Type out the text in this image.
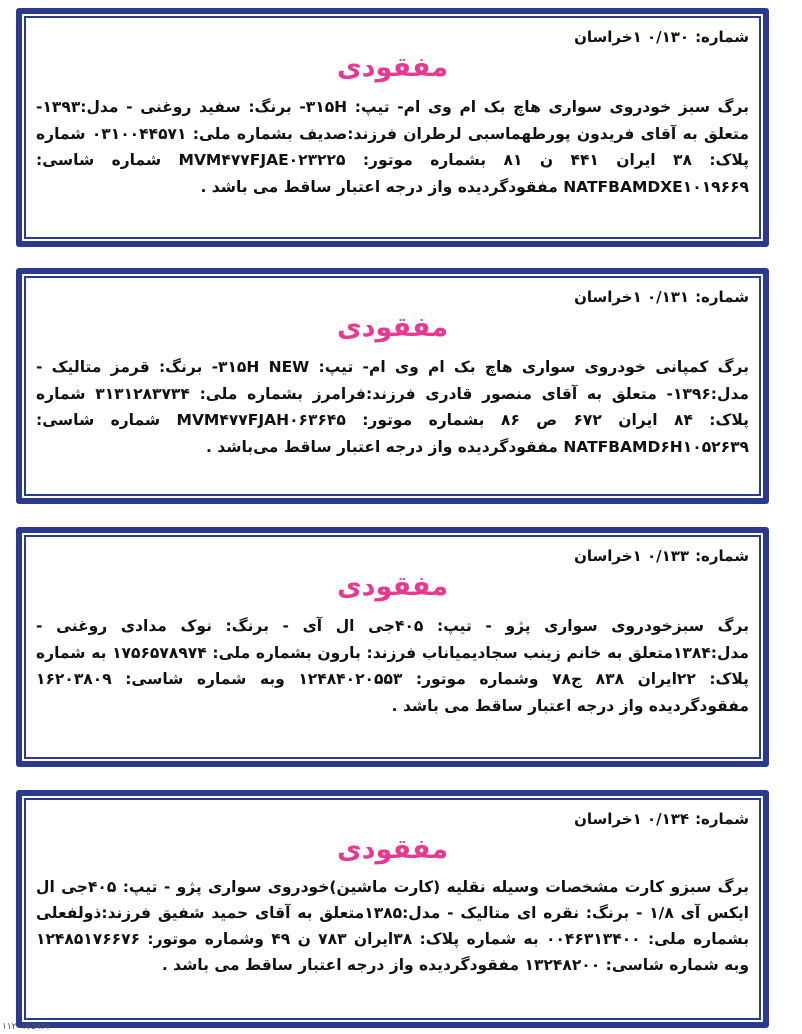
شماره:۰/۱۳۰ ۱خراسان
مفقودی
برگ سبز خودروی سواری هاچ بک ام وی ام- تیپ: ۳۱۵H- برنگ: سفید روغنی - مدل:۱۳۹۳- متعلق به آقای فریدون پورطهماسبی لرطران فرزند:صدیف بشماره ملی: ۰۳۱۰۰۴۴۵۷۱ شماره پلاک: ۳۸ ایران ۴۴۱ ن ۸۱ بشماره موتور: MVM۴۷۷FJAE۰۲۳۲۲۵ شماره شاسی: NATFBAMDXE۱۰۱۹۶۶۹ مفقودگردیده واز درجه اعتبار ساقط می باشد .
شماره:۰/۱۳۱ ۱خراسان
مفقودی
برگ کمپانی خودروی سواری هاچ بک ام وی ام- تیپ: ۳۱۵H NEW- برنگ: قرمز متالیک - مدل:۱۳۹۶- متعلق به آقای منصور قادری فرزند:فرامرز بشماره ملی: ۳۱۳۱۲۸۳۷۳۴ شماره پلاک: ۸۴ ایران ۶۷۲ ص ۸۶ بشماره موتور: MVM۴۷۷FJAH۰۶۳۶۴۵ شماره شاسی: NATFBAMD۶H۱۰۵۲۶۳۹ مفقودگردیده واز درجه اعتبار ساقط می‌باشد .
شماره:۰/۱۳۳ ۱خراسان
مفقودی
برگ سبزخودروی سواری پژو - تیپ: ۴۰۵جی ال آی - برنگ: نوک مدادی روغنی - مدل:۱۳۸۴متعلق به خانم زینب سجادیمیاناب فرزند: بارون بشماره ملی: ۱۷۵۶۵۷۸۹۷۴ به شماره پلاک: ۲۲ایران ۸۳۸ ج۷۸ وشماره موتور: ۱۲۴۸۴۰۲۰۵۵۳ وبه شماره شاسی: ۱۶۲۰۳۸۰۹ مفقودگردیده واز درجه اعتبار ساقط می باشد .
شماره:۰/۱۳۴ ۱خراسان
مفقودی
برگ سبزو کارت مشخصات وسیله نقلیه (کارت ماشین)خودروی سواری پژو - تیپ: ۴۰۵جی ال ایکس آی ۱/۸ - برنگ: نقره ای متالیک - مدل:۱۳۸۵متعلق به آقای حمید شفیق فرزند:ذولفعلی بشماره ملی: ۰۰۴۶۳۱۳۴۰۰ به شماره پلاک: ۳۸ایران ۷۸۳ ن ۴۹ وشماره موتور: ۱۲۴۸۵۱۷۶۶۷۶ وبه شماره شاسی: ۱۳۲۴۸۲۰۰ مفقودگردیده واز درجه اعتبار ساقط می باشد .
۱۱۲۰۱۷۵۹۲۷
